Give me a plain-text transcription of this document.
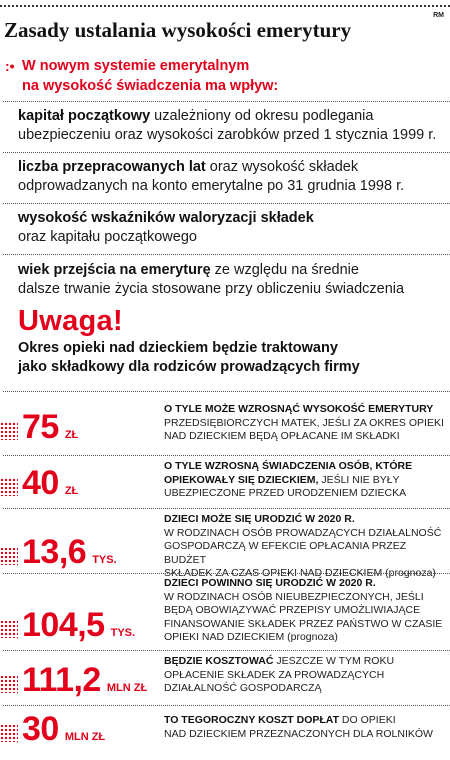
RM
Zasady ustalania wysokości emerytury
:• W nowym systemie emerytalnym
na wysokość świadczenia ma wpływ:
kapitał początkowy uzależniony od okresu podlegania
ubezpieczeniu oraz wysokości zarobków przed 1 stycznia 1999 r.
liczba przepracowanych lat oraz wysokość składek
odprowadzanych na konto emerytalne po 31 grudnia 1998 r.
wysokość wskaźników waloryzacji składek
oraz kapitału początkowego
wiek przejścia na emeryturę ze względu na średnie
dalsze trwanie życia stosowane przy obliczeniu świadczenia
Uwaga!
Okres opieki nad dzieckiem będzie traktowany
jako składkowy dla rodziców prowadzących firmy
75 ZŁ
O TYLE MOŻE WZROSNĄĆ WYSOKOŚĆ EMERYTURY
PRZEDSIĘBIORCZYCH MATEK, JEŚLI ZA OKRES OPIEKI
NAD DZIECKIEM BĘDĄ OPŁACANE IM SKŁADKI
40 ZŁ
O TYLE WZROSNĄ ŚWIADCZENIA OSÓB, KTÓRE
OPIEKOWAŁY SIĘ DZIECKIEM, JEŚLI NIE BYŁY
UBEZPIECZONE PRZED URODZENIEM DZIECKA
13,6 TYS.
DZIECI MOŻE SIĘ URODZIĆ W 2020 R.
W RODZINACH OSÓB PROWADZĄCYCH DZIAŁALNOŚĆ
GOSPODARCZĄ W EFEKCIE OPŁACANIA PRZEZ BUDŻET
SKŁADEK ZA CZAS OPIEKI NAD DZIECKIEM (prognoza)
104,5 TYS.
DZIECI POWINNO SIĘ URODZIĆ W 2020 R.
W RODZINACH OSÓB NIEUBEZPIECZONYCH, JEŚLI
BĘDĄ OBOWIĄZYWAĆ PRZEPISY UMOŻLIWIAJĄCE
FINANSOWANIE SKŁADEK PRZEZ PAŃSTWO W CZASIE
OPIEKI NAD DZIECKIEM (prognoza)
111,2 MLN ZŁ
BĘDZIE KOSZTOWAĆ JESZCZE W TYM ROKU
OPŁACENIE SKŁADEK ZA PROWADZĄCYCH
DZIAŁALNOŚĆ GOSPODARCZĄ
30 MLN ZŁ
TO TEGOROCZNY KOSZT DOPŁAT DO OPIEKI
NAD DZIECKIEM PRZEZNACZONYCH DLA ROLNIKÓW
